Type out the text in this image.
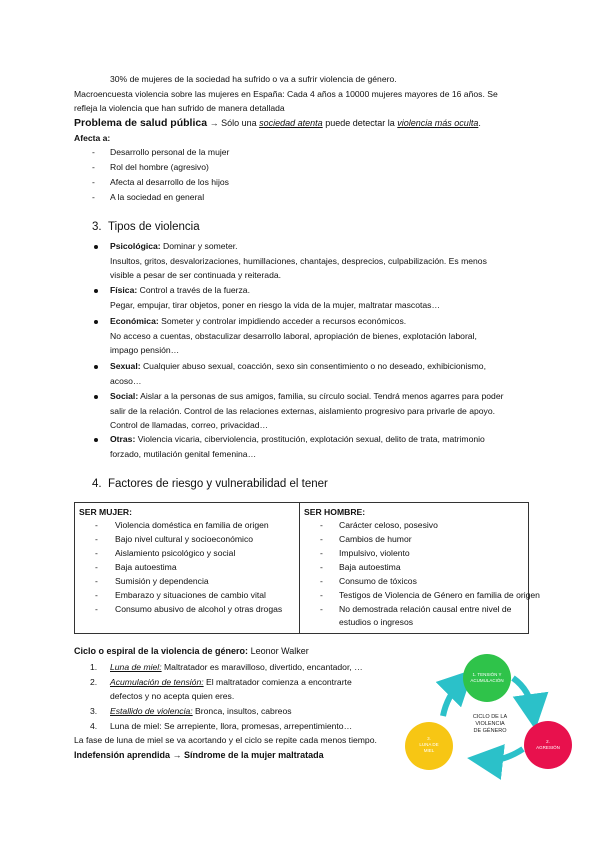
30% de mujeres de la sociedad ha sufrido o va a sufrir violencia de género.
Macroencuesta violencia sobre las mujeres en España: Cada 4 años a 10000 mujeres mayores de 16 años. Se
refleja la violencia que han sufrido de manera detallada
Problema de salud pública → Sólo una sociedad atenta puede detectar la violencia más oculta.
Afecta a:
- Desarrollo personal de la mujer
- Rol del hombre (agresivo)
- Afecta al desarrollo de los hijos
- A la sociedad en general
3. Tipos de violencia
Psicológica: Dominar y someter.
Insultos, gritos, desvalorizaciones, humillaciones, chantajes, desprecios, culpabilización. Es menos
visible a pesar de ser continuada y reiterada.
Física: Control a través de la fuerza.
Pegar, empujar, tirar objetos, poner en riesgo la vida de la mujer, maltratar mascotas…
Económica: Someter y controlar impidiendo acceder a recursos económicos.
No acceso a cuentas, obstaculizar desarrollo laboral, apropiación de bienes, explotación laboral,
impago pensión…
Sexual: Cualquier abuso sexual, coacción, sexo sin consentimiento o no deseado, exhibicionismo,
acoso…
Social: Aislar a la personas de sus amigos, familia, su círculo social. Tendrá menos agarres para poder
salir de la relación. Control de las relaciones externas, aislamiento progresivo para privarle de apoyo.
Control de llamadas, correo, privacidad…
Otras: Violencia vicaria, ciberviolencia, prostitución, explotación sexual, delito de trata, matrimonio
forzado, mutilación genital femenina…
4. Factores de riesgo y vulnerabilidad el tener
SER MUJER:	SER HOMBRE:
- Violencia doméstica en familia de origen
- Bajo nivel cultural y socioeconómico
- Aislamiento psicológico y social
- Baja autoestima
- Sumisión y dependencia
- Embarazo y situaciones de cambio vital
- Consumo abusivo de alcohol y otras drogas
- Carácter celoso, posesivo
- Cambios de humor
- Impulsivo, violento
- Baja autoestima
- Consumo de tóxicos
- Testigos de Violencia de Género en familia de origen
- No demostrada relación causal entre nivel de
estudios o ingresos
Ciclo o espiral de la violencia de género: Leonor Walker
1. Luna de miel: Maltratador es maravilloso, divertido, encantador, …
2. Acumulación de tensión: El maltratador comienza a encontrarte
defectos y no acepta quien eres.
3. Estallido de violencia: Bronca, insultos, cabreos
4. Luna de miel: Se arrepiente, llora, promesas, arrepentimiento…
La fase de luna de miel se va acortando y el ciclo se repite cada menos tiempo.
Indefensión aprendida → Síndrome de la mujer maltratada
1. TENSIÓN Y
ACUMULACIÓN
2.
AGRESIÓN
3.
LUNA DE
MIEL
CICLO DE LA
VIOLENCIA
DE GÉNERO
